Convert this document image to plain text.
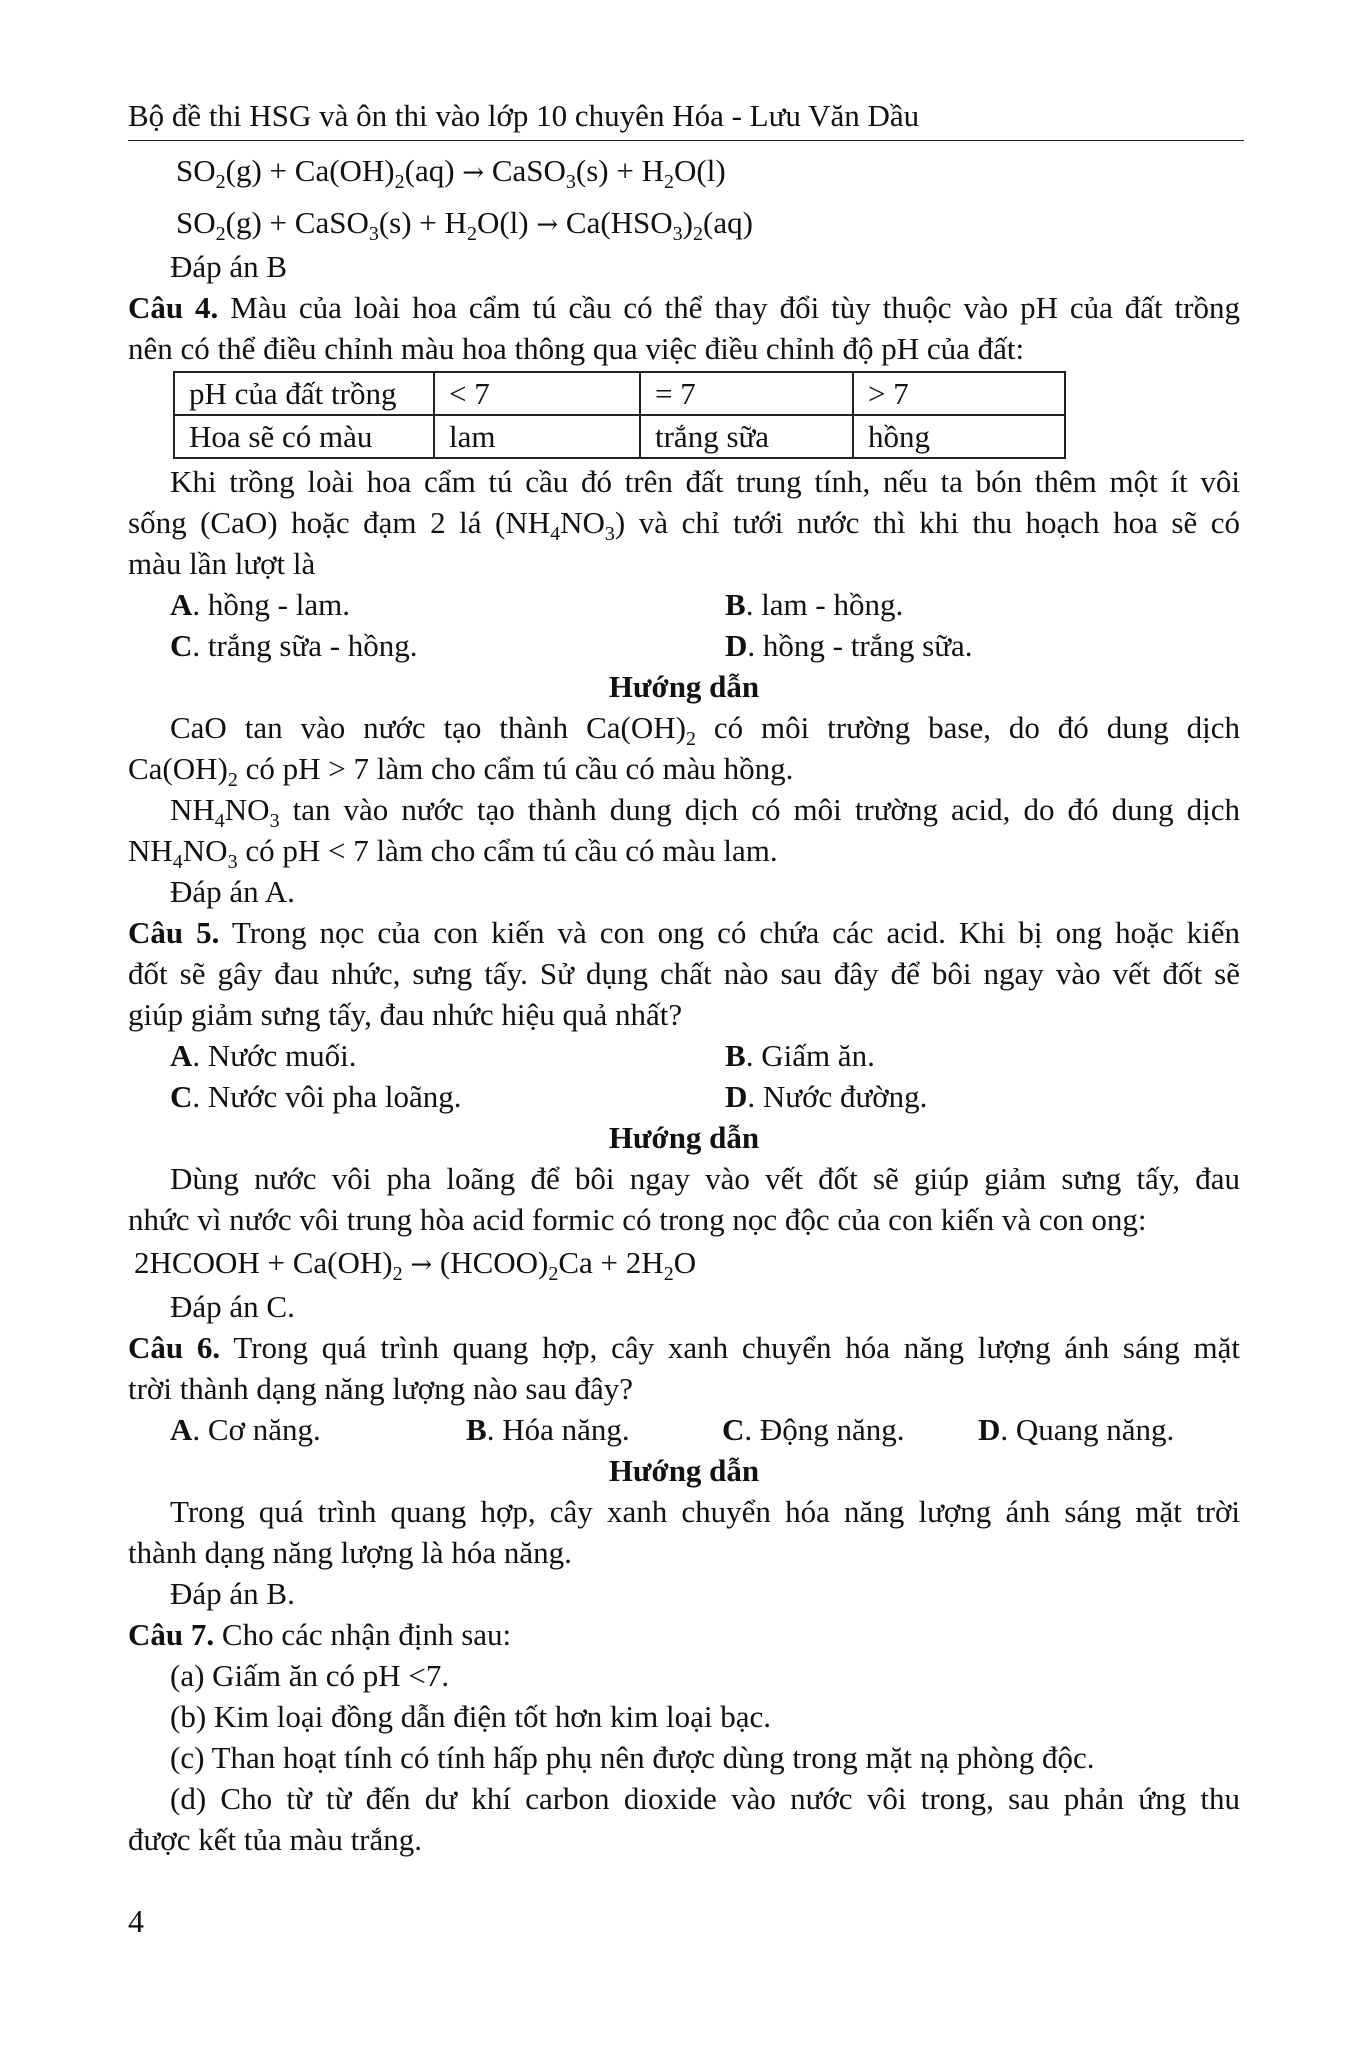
Bộ đề thi HSG và ôn thi vào lớp 10 chuyên Hóa - Lưu Văn Dầu
$SO_2(g) + Ca(OH)_2(aq)$ → CaSO$_3$(s) + $H_2O(l)$
$SO_2(g)$ + CaSO$_3$(s) + $H_2O(l) \to Ca(HSO_3)_2(aq)$
Đáp án B
Câu 4. Màu của loài hoa cẩm tú cầu có thể thay đổi tùy thuộc vào pH của đất trồng
nên có thể điều chỉnh màu hoa thông qua việc điều chỉnh độ pH của đất:
pH của đất trồng	< 7	= 7	> 7
Hoa sẽ có màu	lam	trắng sữa	hồng
Khi trồng loài hoa cẩm tú cầu đó trên đất trung tính, nếu ta bón thêm một ít vôi
sống (CaO) hoặc đạm 2 lá $(NH_4NO_3)$ và chỉ tưới nước thì khi thu hoạch hoa sẽ có
màu lần lượt là
A. hồng - lam.	B. lam - hồng.
C. trắng sữa - hồng.	D. hồng - trắng sữa.
Hướng dẫn
CaO tan vào nước tạo thành $Ca(OH)_2$ có môi trường base, do đó dung dịch
$Ca(OH)_2$ có pH > 7 làm cho cẩm tú cầu có màu hồng.
$NH_4NO_3$ tan vào nước tạo thành dung dịch có môi trường acid, do đó dung dịch
$NH_4NO_3$ có pH < 7 làm cho cẩm tú cầu có màu lam.
Đáp án A.
Câu 5. Trong nọc của con kiến và con ong có chứa các acid. Khi bị ong hoặc kiến
đốt sẽ gây đau nhức, sưng tấy. Sử dụng chất nào sau đây để bôi ngay vào vết đốt sẽ
giúp giảm sưng tấy, đau nhức hiệu quả nhất?
A. Nước muối.	B. Giấm ăn.
C. Nước vôi pha loãng.	D. Nước đường.
Hướng dẫn
Dùng nước vôi pha loãng để bôi ngay vào vết đốt sẽ giúp giảm sưng tấy, đau
nhức vì nước vôi trung hòa acid formic có trong nọc độc của con kiến và con ong:
2HCOOH + $Ca(OH)_2$ → $(HCOO)_2Ca + 2H_2O$
Đáp án C.
Câu 6. Trong quá trình quang hợp, cây xanh chuyển hóa năng lượng ánh sáng mặt
trời thành dạng năng lượng nào sau đây?
A. Cơ năng.	B. Hóa năng.	C. Động năng.	D. Quang năng.
Hướng dẫn
Trong quá trình quang hợp, cây xanh chuyển hóa năng lượng ánh sáng mặt trời
thành dạng năng lượng là hóa năng.
Đáp án B.
Câu 7. Cho các nhận định sau:
(a) Giấm ăn có pH <7.
(b) Kim loại đồng dẫn điện tốt hơn kim loại bạc.
(c) Than hoạt tính có tính hấp phụ nên được dùng trong mặt nạ phòng độc.
(d) Cho từ từ đến dư khí carbon dioxide vào nước vôi trong, sau phản ứng thu
được kết tủa màu trắng.
4
